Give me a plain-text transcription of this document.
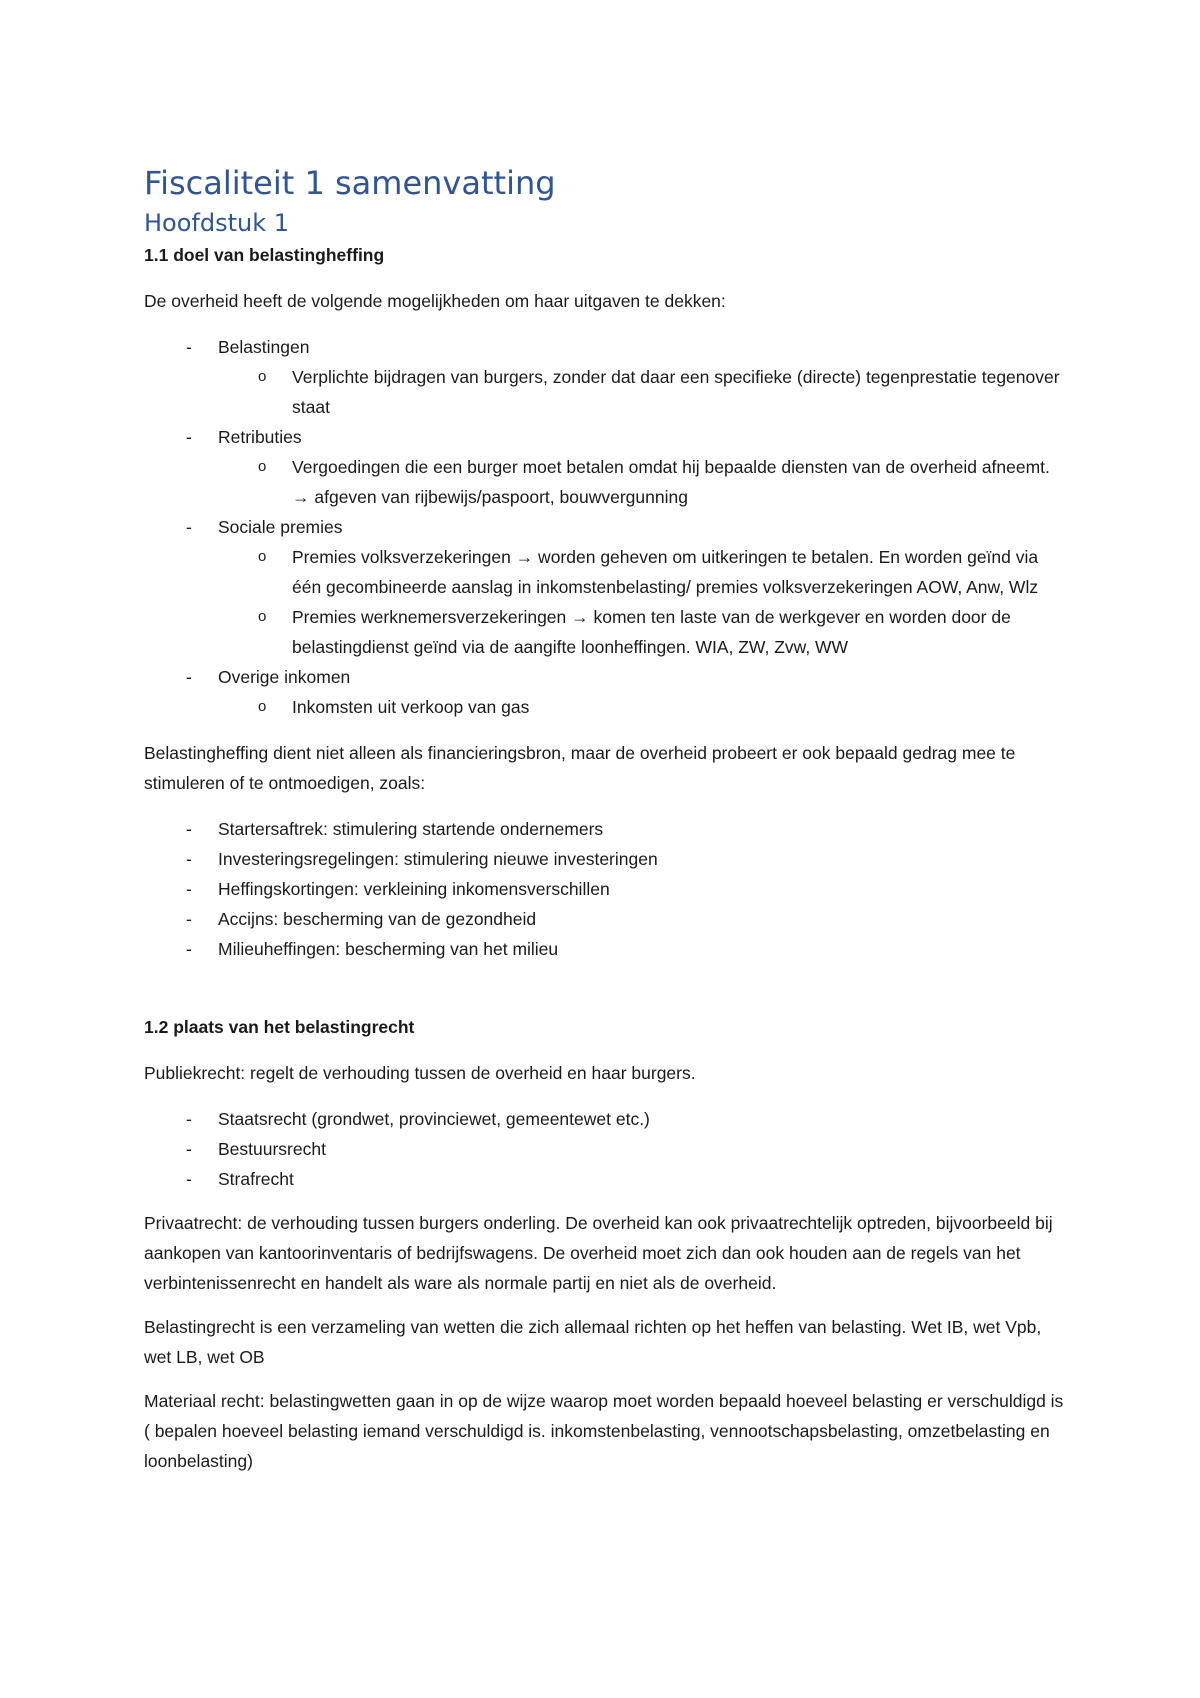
Fiscaliteit 1 samenvatting
Hoofdstuk 1
1.1 doel van belastingheffing

De overheid heeft de volgende mogelijkheden om haar uitgaven te dekken:

- Belastingen
o Verplichte bijdragen van burgers, zonder dat daar een specifieke (directe) tegenprestatie tegenover staat
- Retributies
o Vergoedingen die een burger moet betalen omdat hij bepaalde diensten van de overheid afneemt. → afgeven van rijbewijs/paspoort, bouwvergunning
- Sociale premies
o Premies volksverzekeringen → worden geheven om uitkeringen te betalen. En worden geïnd via één gecombineerde aanslag in inkomstenbelasting/ premies volksverzekeringen AOW, Anw, Wlz
o Premies werknemersverzekeringen → komen ten laste van de werkgever en worden door de belastingdienst geïnd via de aangifte loonheffingen. WIA, ZW, Zvw, WW
- Overige inkomen
o Inkomsten uit verkoop van gas

Belastingheffing dient niet alleen als financieringsbron, maar de overheid probeert er ook bepaald gedrag mee te stimuleren of te ontmoedigen, zoals:

- Startersaftrek: stimulering startende ondernemers
- Investeringsregelingen: stimulering nieuwe investeringen
- Heffingskortingen: verkleining inkomensverschillen
- Accijns: bescherming van de gezondheid
- Milieuheffingen: bescherming van het milieu
1.2 plaats van het belastingrecht

Publiekrecht: regelt de verhouding tussen de overheid en haar burgers.

- Staatsrecht (grondwet, provinciewet, gemeentewet etc.)
- Bestuursrecht
- Strafrecht

Privaatrecht: de verhouding tussen burgers onderling. De overheid kan ook privaatrechtelijk optreden, bijvoorbeeld bij aankopen van kantoorinventaris of bedrijfswagens. De overheid moet zich dan ook houden aan de regels van het verbintenissenrecht en handelt als ware als normale partij en niet als de overheid.

Belastingrecht is een verzameling van wetten die zich allemaal richten op het heffen van belasting. Wet IB, wet Vpb, wet LB, wet OB

Materiaal recht: belastingwetten gaan in op de wijze waarop moet worden bepaald hoeveel belasting er verschuldigd is ( bepalen hoeveel belasting iemand verschuldigd is. inkomstenbelasting, vennootschapsbelasting, omzetbelasting en loonbelasting)
